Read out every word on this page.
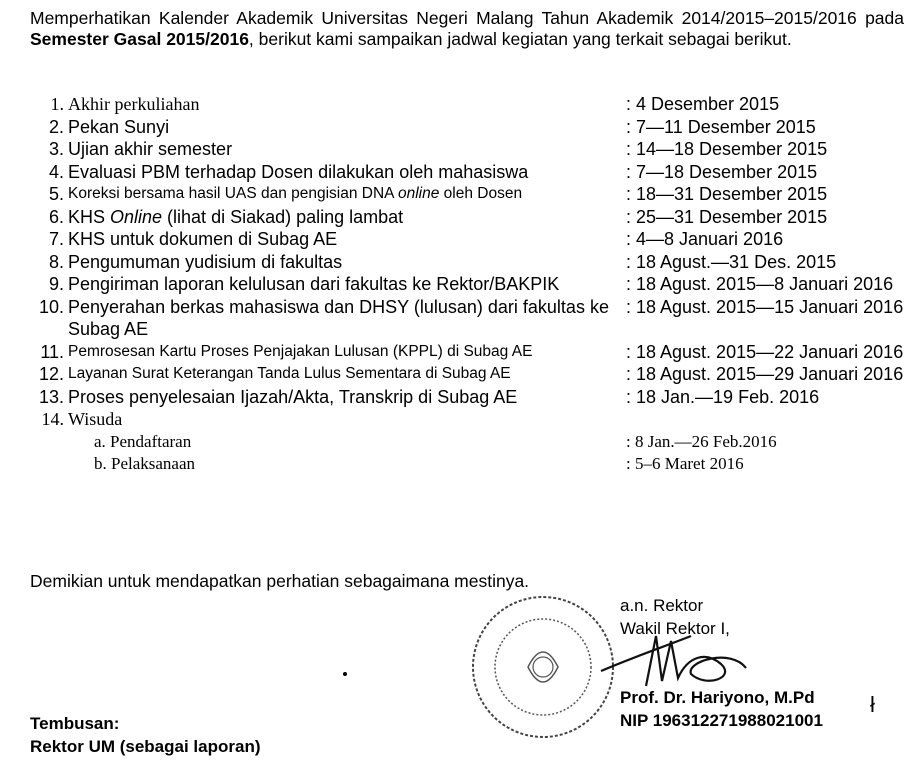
Memperhatikan Kalender Akademik Universitas Negeri Malang Tahun Akademik 2014/2015–2015/2016 pada Semester Gasal 2015/2016, berikut kami sampaikan jadwal kegiatan yang terkait sebagai berikut.
1. Akhir perkuliahan	: 4 Desember 2015
2. Pekan Sunyi	: 7—11 Desember 2015
3. Ujian akhir semester	: 14—18 Desember 2015
4. Evaluasi PBM terhadap Dosen dilakukan oleh mahasiswa	: 7—18 Desember 2015
5. Koreksi bersama hasil UAS dan pengisian DNA online oleh Dosen	: 18—31 Desember 2015
6. KHS Online (lihat di Siakad) paling lambat	: 25—31 Desember 2015
7. KHS untuk dokumen di Subag AE	: 4—8 Januari 2016
8. Pengumuman yudisium di fakultas	: 18 Agust.—31 Des. 2015
9. Pengiriman laporan kelulusan dari fakultas ke Rektor/BAKPIK	: 18 Agust. 2015—8 Januari 2016
10. Penyerahan berkas mahasiswa dan DHSY (lulusan) dari fakultas ke Subag AE
: 18 Agust. 2015—15 Januari 2016
11. Pemrosesan Kartu Proses Penjajakan Lulusan (KPPL) di Subag AE	: 18 Agust. 2015—22 Januari 2016
12. Layanan Surat Keterangan Tanda Lulus Sementara di Subag AE	: 18 Agust. 2015—29 Januari 2016
13. Proses penyelesaian Ijazah/Akta, Transkrip di Subag AE	: 18 Jan.—19 Feb. 2016
14. Wisuda
a. Pendaftaran	: 8 Jan.—26 Feb.2016
b. Pelaksanaan	: 5–6 Maret 2016
Demikian untuk mendapatkan perhatian sebagaimana mestinya.
a.n. Rektor
Wakil Rektor I,
Prof. Dr. Hariyono, M.Pd
NIP 196312271988021001
Tembusan:
Rektor UM (sebagai laporan)
ł
